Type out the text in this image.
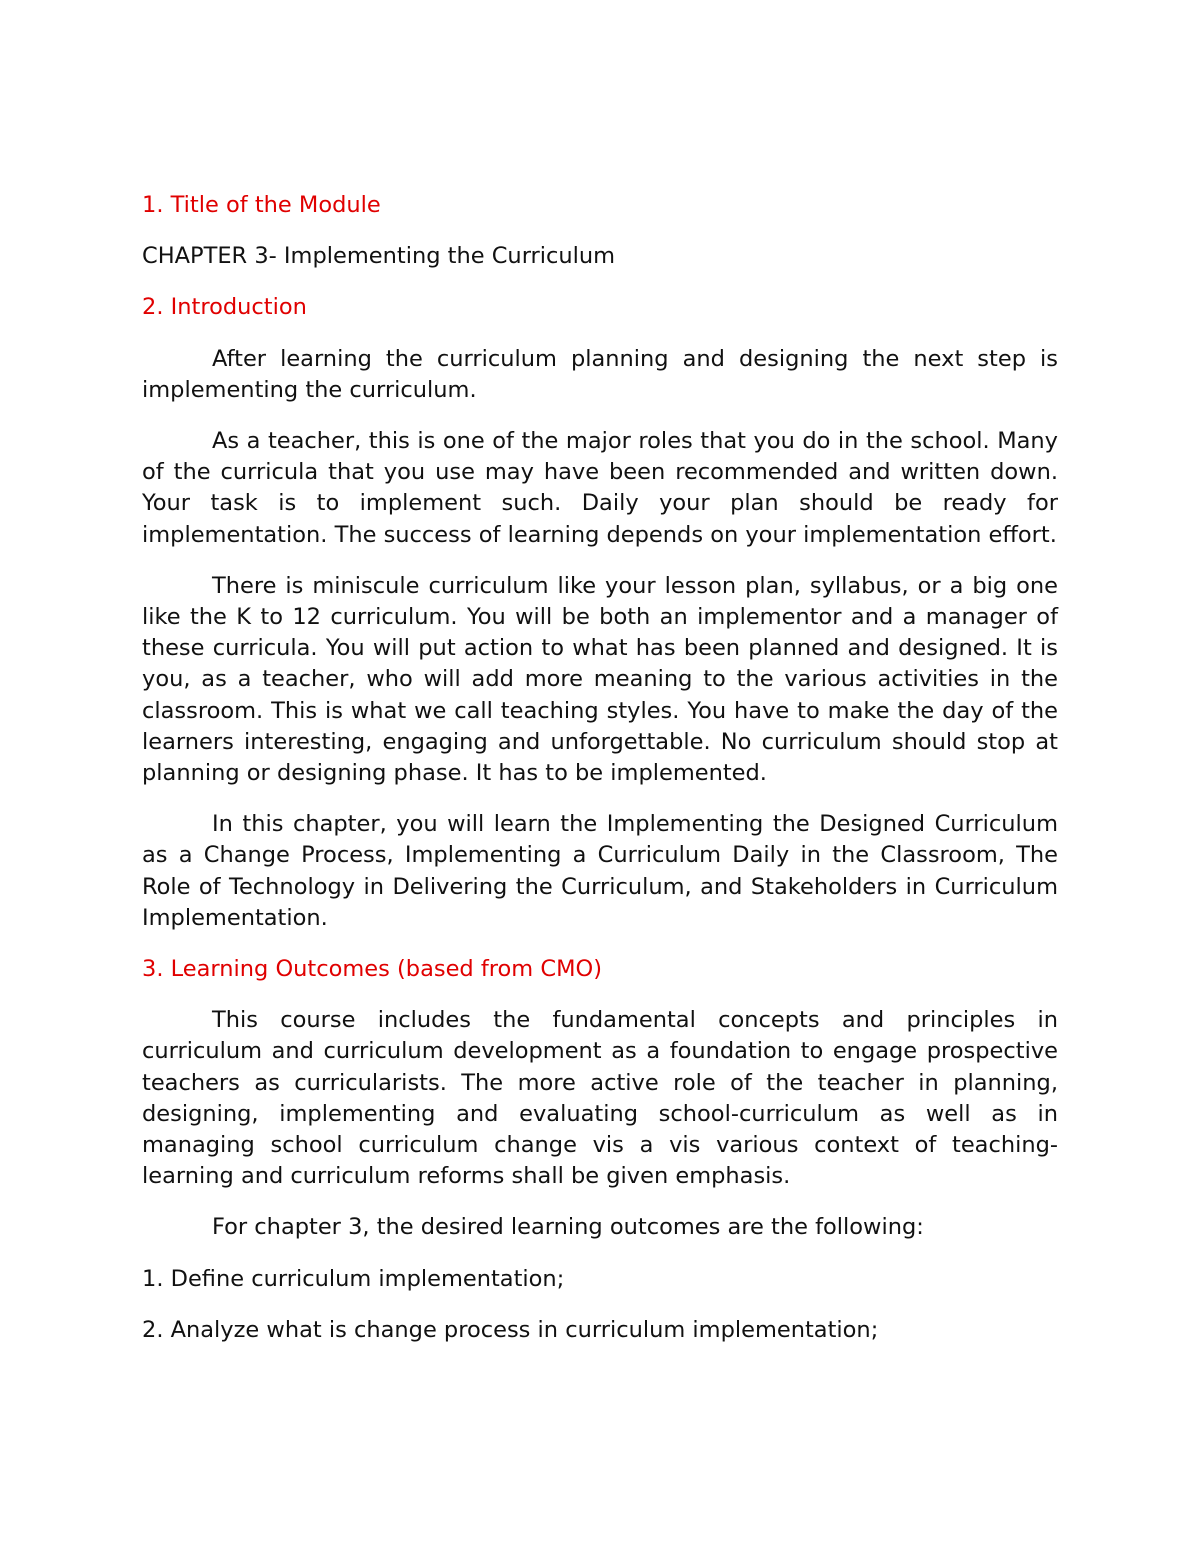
1. Title of the Module
CHAPTER 3- Implementing the Curriculum
2. Introduction
After learning the curriculum planning and designing the next step is implementing the curriculum.
As a teacher, this is one of the major roles that you do in the school. Many of the curricula that you use may have been recommended and written down. Your task is to implement such. Daily your plan should be ready for implementation. The success of learning depends on your implementation effort.
There is miniscule curriculum like your lesson plan, syllabus, or a big one like the K to 12 curriculum. You will be both an implementor and a manager of these curricula. You will put action to what has been planned and designed. It is you, as a teacher, who will add more meaning to the various activities in the classroom. This is what we call teaching styles. You have to make the day of the learners interesting, engaging and unforgettable. No curriculum should stop at planning or designing phase. It has to be implemented.
In this chapter, you will learn the Implementing the Designed Curriculum as a Change Process, Implementing a Curriculum Daily in the Classroom, The Role of Technology in Delivering the Curriculum, and Stakeholders in Curriculum Implementation.
3. Learning Outcomes (based from CMO)
This course includes the fundamental concepts and principles in curriculum and curriculum development as a foundation to engage prospective teachers as curricularists. The more active role of the teacher in planning, designing, implementing and evaluating school-curriculum as well as in managing school curriculum change vis a vis various context of teaching-learning and curriculum reforms shall be given emphasis.
For chapter 3, the desired learning outcomes are the following:
1. Define curriculum implementation;
2. Analyze what is change process in curriculum implementation;
